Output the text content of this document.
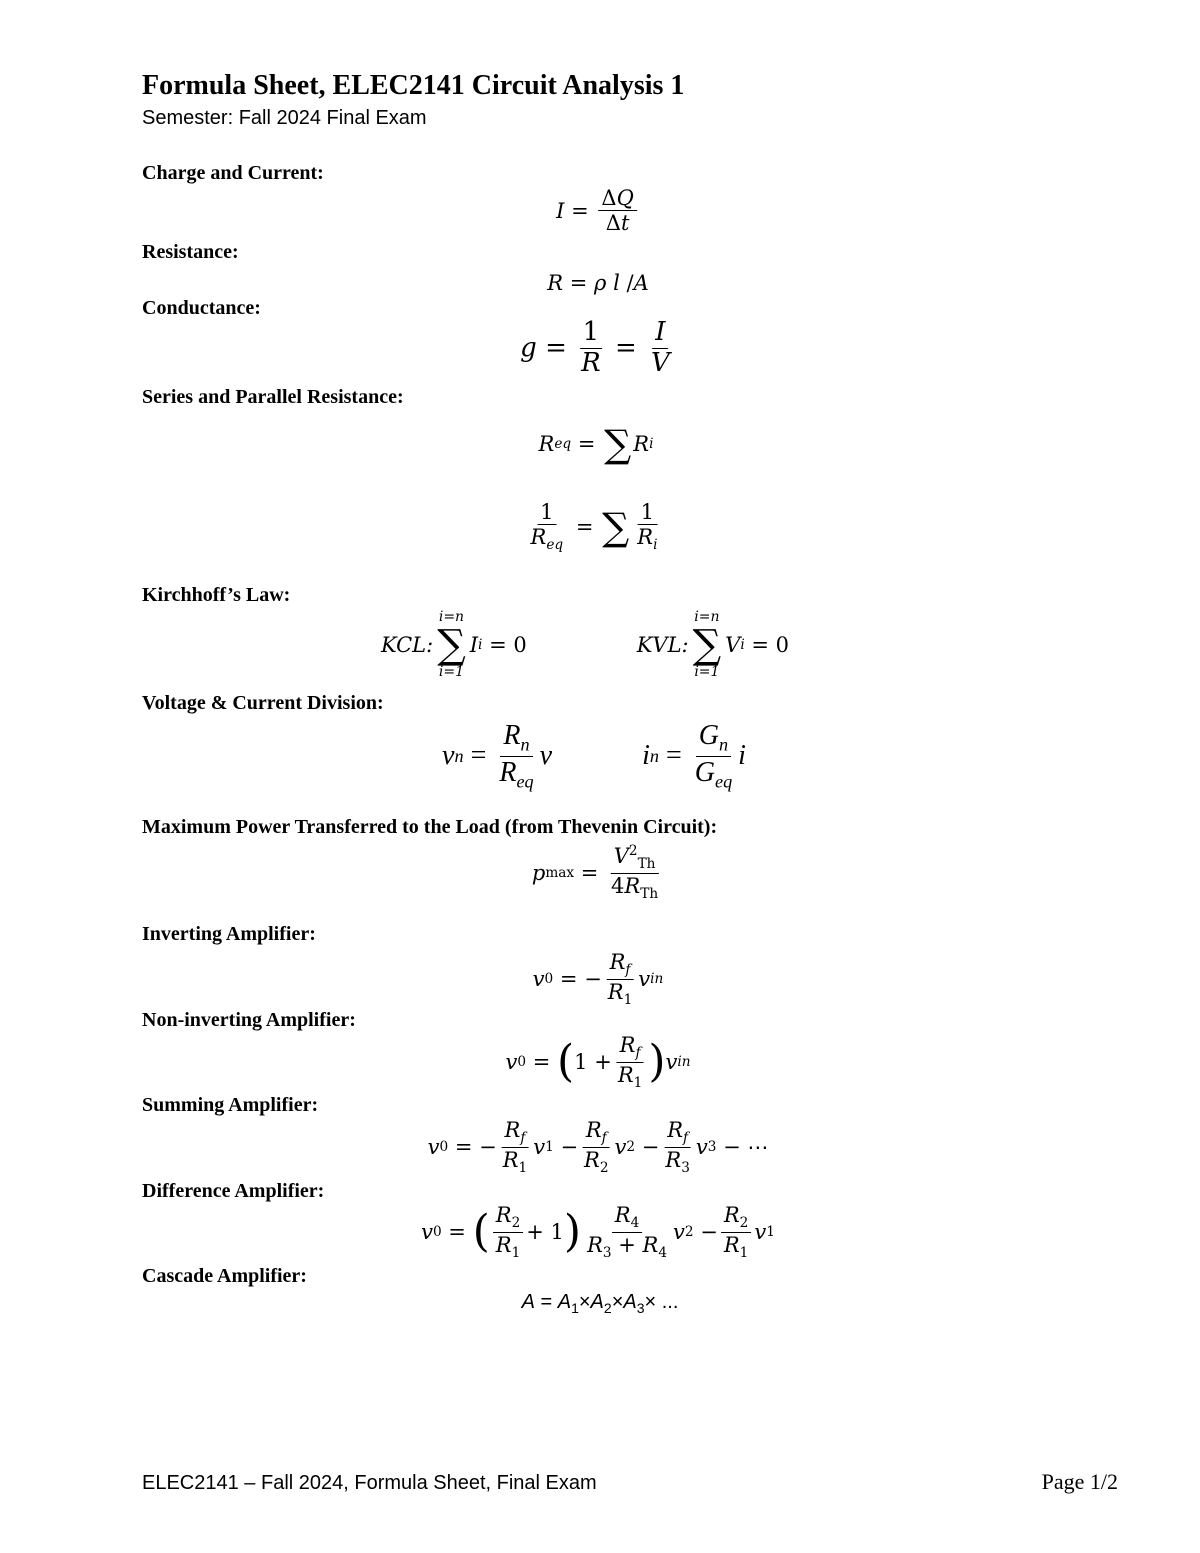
Formula Sheet, ELEC2141 Circuit Analysis 1
Semester: Fall 2024 Final Exam
Charge and Current:
$I = \frac{\Delta Q}{\Delta t}$
Resistance:
R = ρ l /A
Conductance:
$g = \frac{1}{R} = \frac{I}{V}$
Series and Parallel Resistance:
R eq = ∑ R i
$\frac{1}{R_{eq}}$ = ∑ $\frac{1}{R_i}$
Kirchhoff’s Law:
KCL:
i=n
∑
i=1
I i = 0	KVL:
i=n
∑
i=1
V i = 0
Voltage & Current Division:
v $n = \frac{R_n}{R_{eq}}$ v	i $n = \frac{G_n}{G_{eq}}$ i
Maximum Power Transferred to the Load (from Thevenin Circuit):
p $\max = \frac{V^2_{Th}}{4R_{Th}}$
Inverting Amplifier:
v 0 = − $\frac{R_f}{R_1}$ v in
Non-inverting Amplifier:
v 0 = ( $1 + \frac{R_f}{R_1}$ ) v in
Summing Amplifier:
v 0 = − $\frac{R_f}{R_1}$ v $1 - \frac{R_f}{R_2}$ v $2 - \frac{R_f}{R_3}$ v 3 − ⋯
Difference Amplifier:
v 0 = ( $\frac{R_2}{R_1} + 1$ ) $\frac{R_4}{R_3 + R_4}$ v $2 - \frac{R_2}{R_1}$ v 1
Cascade Amplifier:
$A = A_1\times A_2\times A_3\times$ ...
ELEC2141 – Fall 2024, Formula Sheet, Final Exam	Page 1/2
